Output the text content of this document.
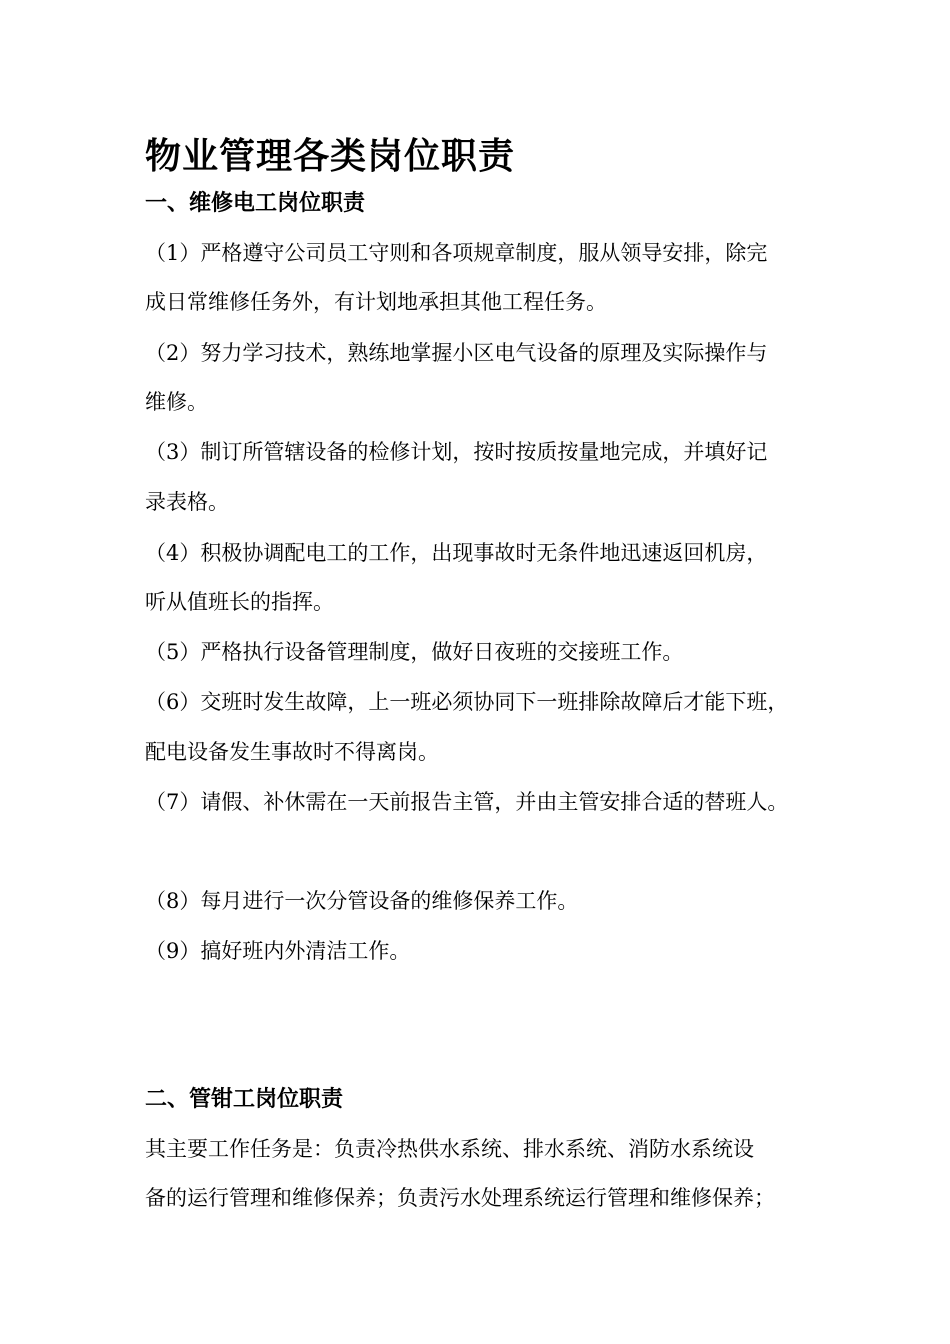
物业管理各类岗位职责
一、维修电工岗位职责
（1）严格遵守公司员工守则和各项规章制度，服从领导安排，除完
成日常维修任务外，有计划地承担其他工程任务。
（2）努力学习技术，熟练地掌握小区电气设备的原理及实际操作与
维修。
（3）制订所管辖设备的检修计划，按时按质按量地完成，并填好记
录表格。
（4）积极协调配电工的工作，出现事故时无条件地迅速返回机房，
听从值班长的指挥。
（5）严格执行设备管理制度，做好日夜班的交接班工作。
（6）交班时发生故障，上一班必须协同下一班排除故障后才能下班，
配电设备发生事故时不得离岗。
（7）请假、补休需在一天前报告主管，并由主管安排合适的替班人。
（8）每月进行一次分管设备的维修保养工作。
（9）搞好班内外清洁工作。
二、管钳工岗位职责
其主要工作任务是：负责冷热供水系统、排水系统、消防水系统设
备的运行管理和维修保养；负责污水处理系统运行管理和维修保养；
